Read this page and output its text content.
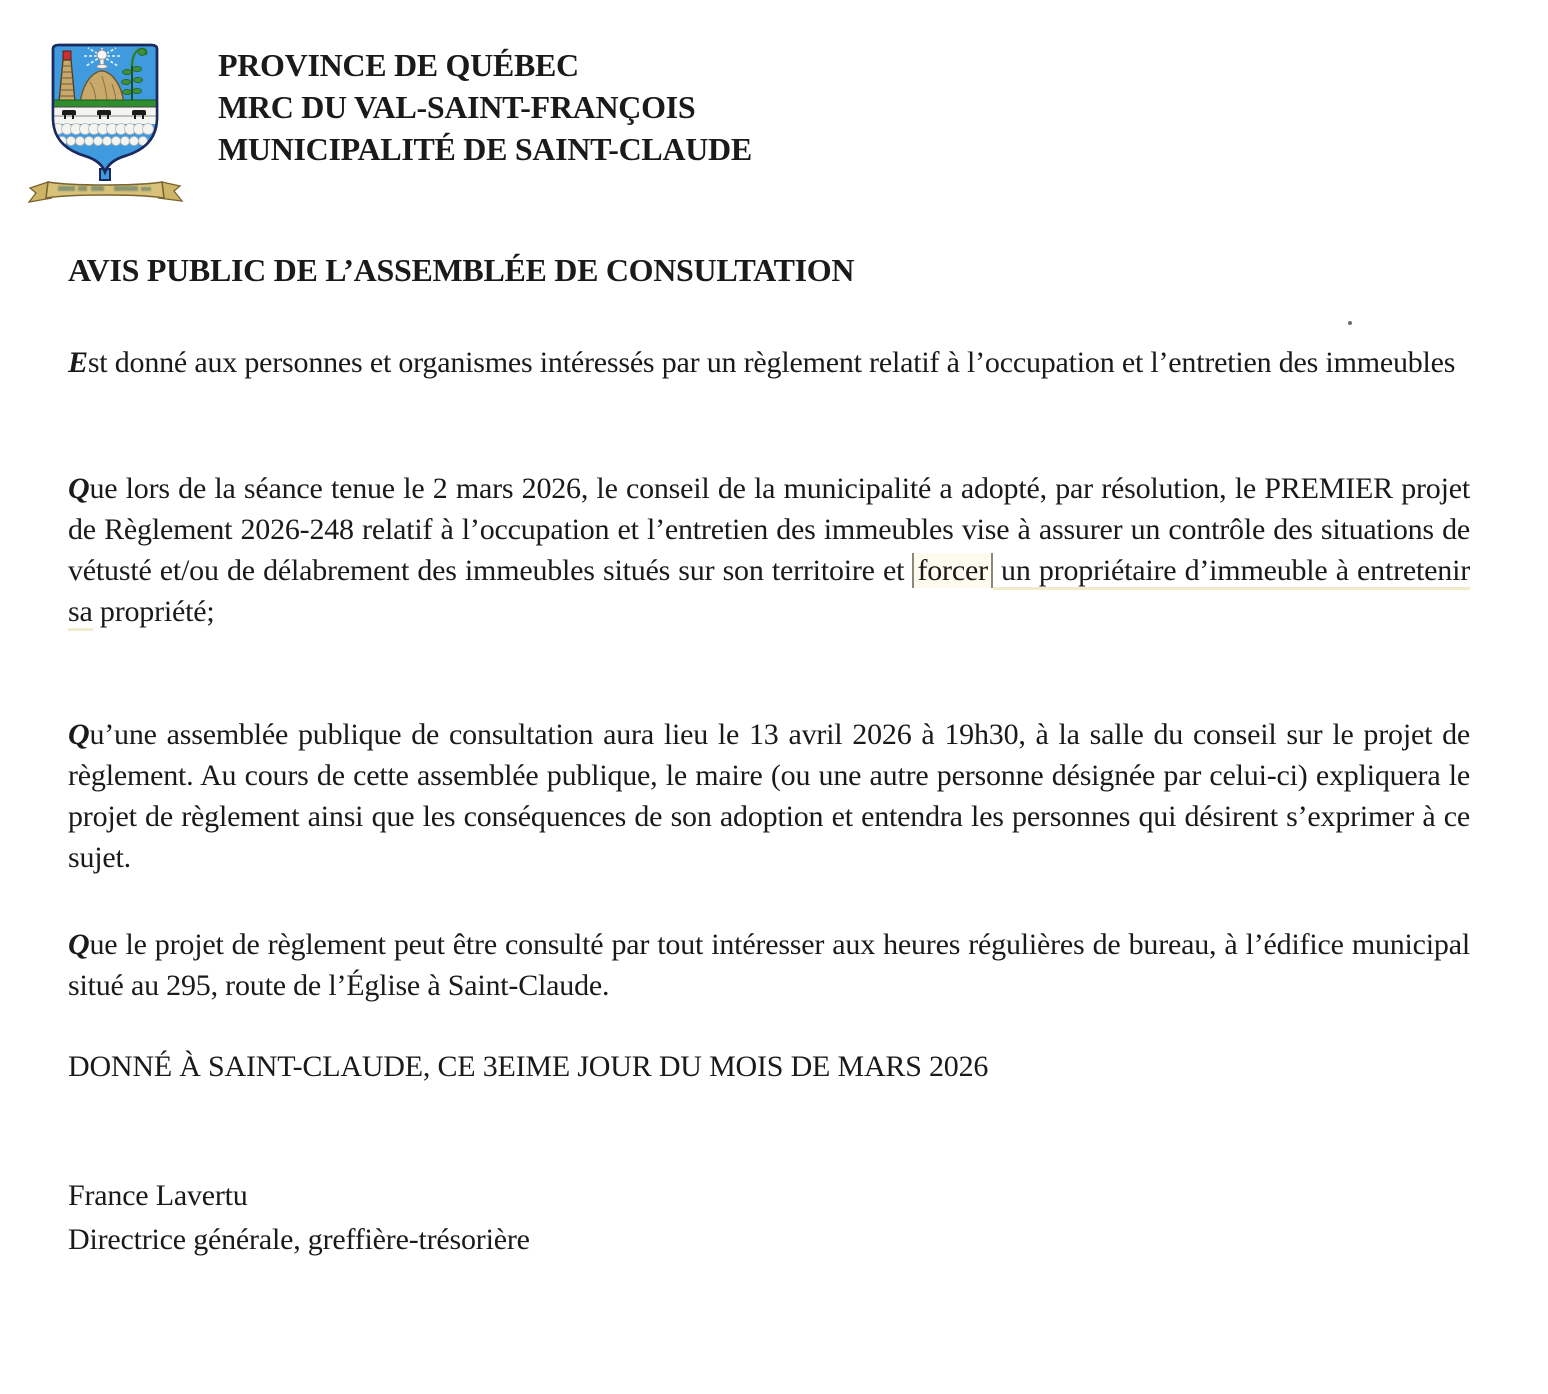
PROVINCE DE QUÉBEC
MRC DU VAL-SAINT-FRANÇOIS
MUNICIPALITÉ DE SAINT-CLAUDE
AVIS PUBLIC DE L’ASSEMBLÉE DE CONSULTATION

Est donné aux personnes et organismes intéressés par un règlement relatif à l’occupation et l’entretien des immeubles

Que lors de la séance tenue le 2 mars 2026, le conseil de la municipalité a adopté, par résolution, le PREMIER projet de Règlement 2026-248 relatif à l’occupation et l’entretien des immeubles vise à assurer un contrôle des situations de vétusté et/ou de délabrement des immeubles situés sur son territoire et forcer un propriétaire d’immeuble à entretenir sa propriété;

Qu’une assemblée publique de consultation aura lieu le 13 avril 2026 à 19h30, à la salle du conseil sur le projet de règlement. Au cours de cette assemblée publique, le maire (ou une autre personne désignée par celui-ci) expliquera le projet de règlement ainsi que les conséquences de son adoption et entendra les personnes qui désirent s’exprimer à ce sujet.

Que le projet de règlement peut être consulté par tout intéresser aux heures régulières de bureau, à l’édifice municipal situé au 295, route de l’Église à Saint-Claude.

DONNÉ À SAINT-CLAUDE, CE 3EIME JOUR DU MOIS DE MARS 2026
France Lavertu
Directrice générale, greffière-trésorière
